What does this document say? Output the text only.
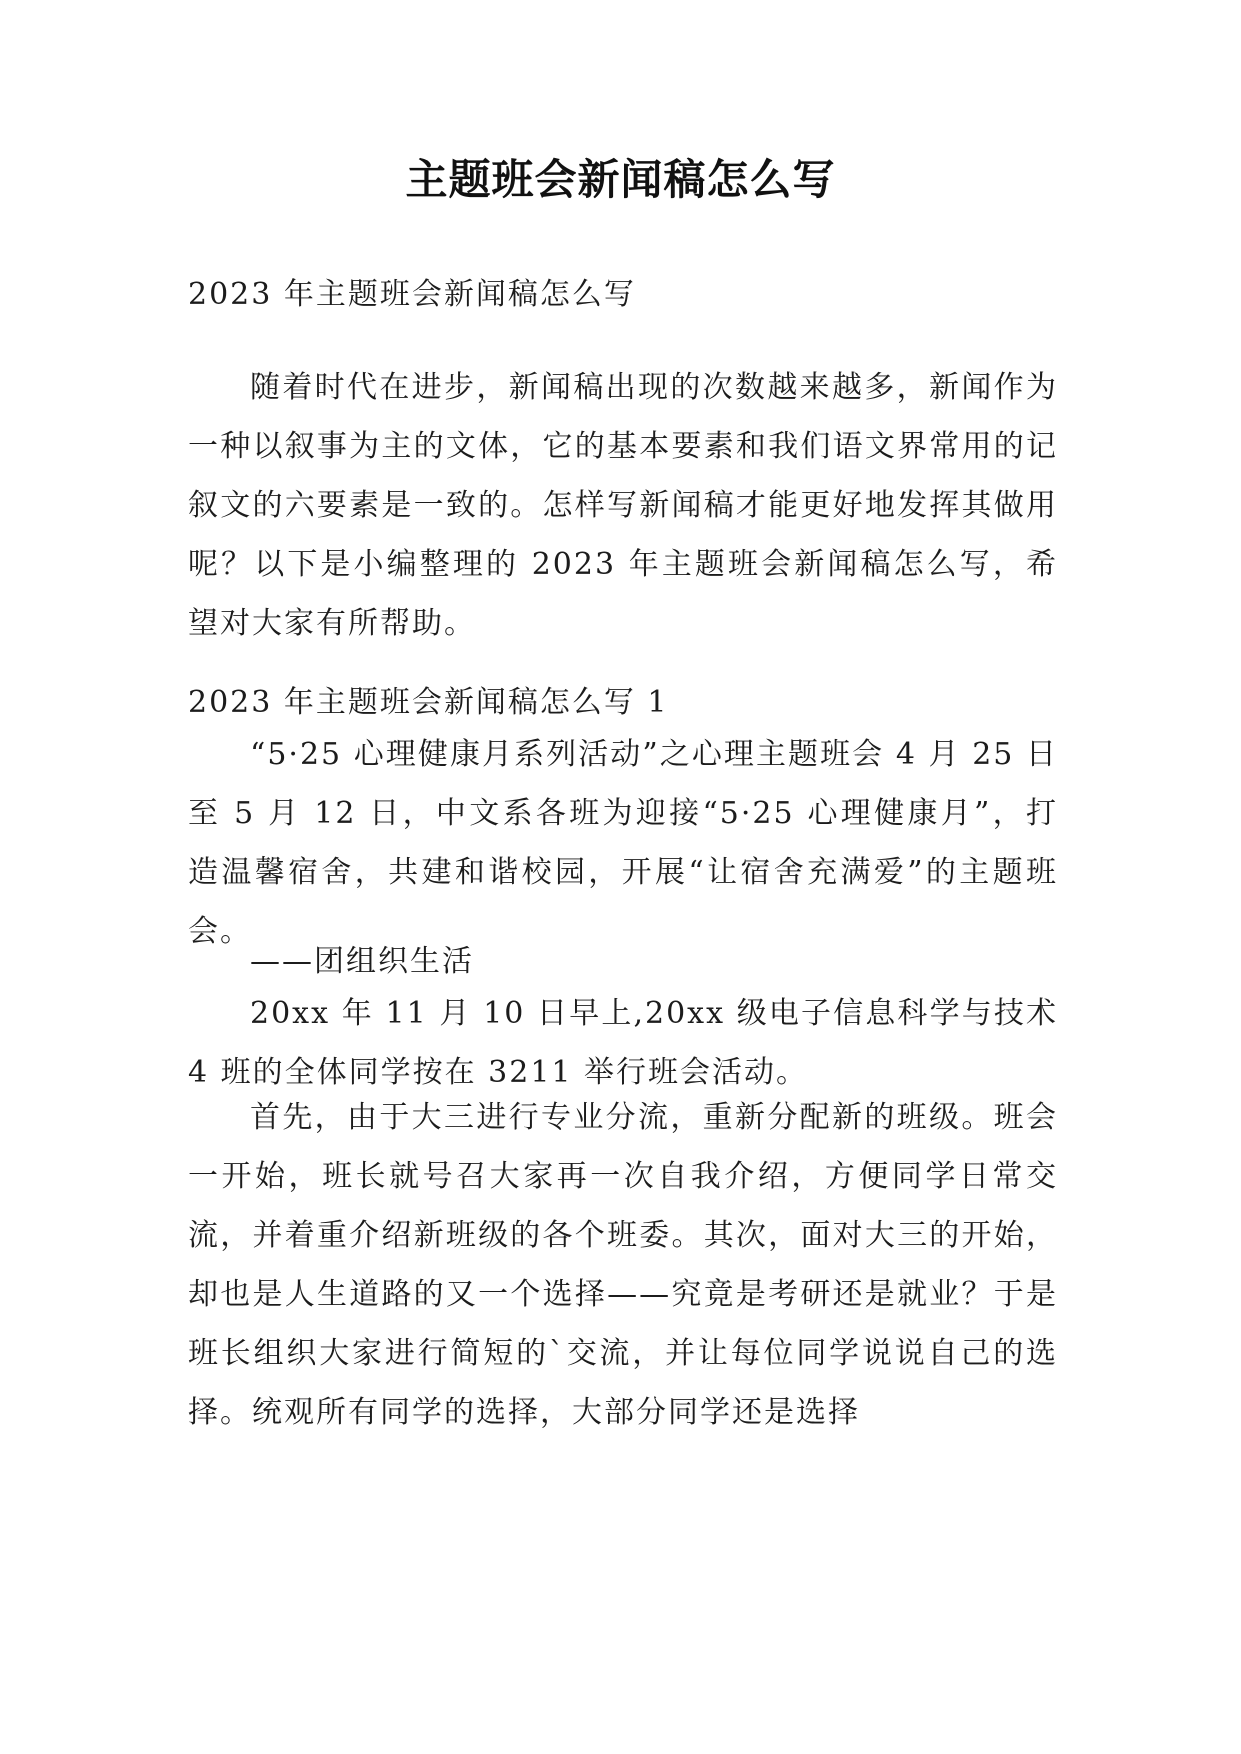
主题班会新闻稿怎么写

2023 年主题班会新闻稿怎么写

随着时代在进步，新闻稿出现的次数越来越多，新闻作为一种以叙事为主的文体，它的基本要素和我们语文界常用的记叙文的六要素是一致的。怎样写新闻稿才能更好地发挥其做用呢？以下是小编整理的 2023 年主题班会新闻稿怎么写，希望对大家有所帮助。

2023 年主题班会新闻稿怎么写 1

“5·25 心理健康月系列活动”之心理主题班会 4 月 25 日至 5 月 12 日，中文系各班为迎接“5·25 心理健康月”，打造温馨宿舍，共建和谐校园，开展“让宿舍充满爱”的主题班会。

——团组织生活

20xx 年 11 月 10 日早上,20xx 级电子信息科学与技术 4 班的全体同学按在 3211 举行班会活动。

首先，由于大三进行专业分流，重新分配新的班级。班会一开始，班长就号召大家再一次自我介绍，方便同学日常交流，并着重介绍新班级的各个班委。其次，面对大三的开始，却也是人生道路的又一个选择——究竟是考研还是就业？于是班长组织大家进行简短的`交流，并让每位同学说说自己的选择。统观所有同学的选择，大部分同学还是选择
